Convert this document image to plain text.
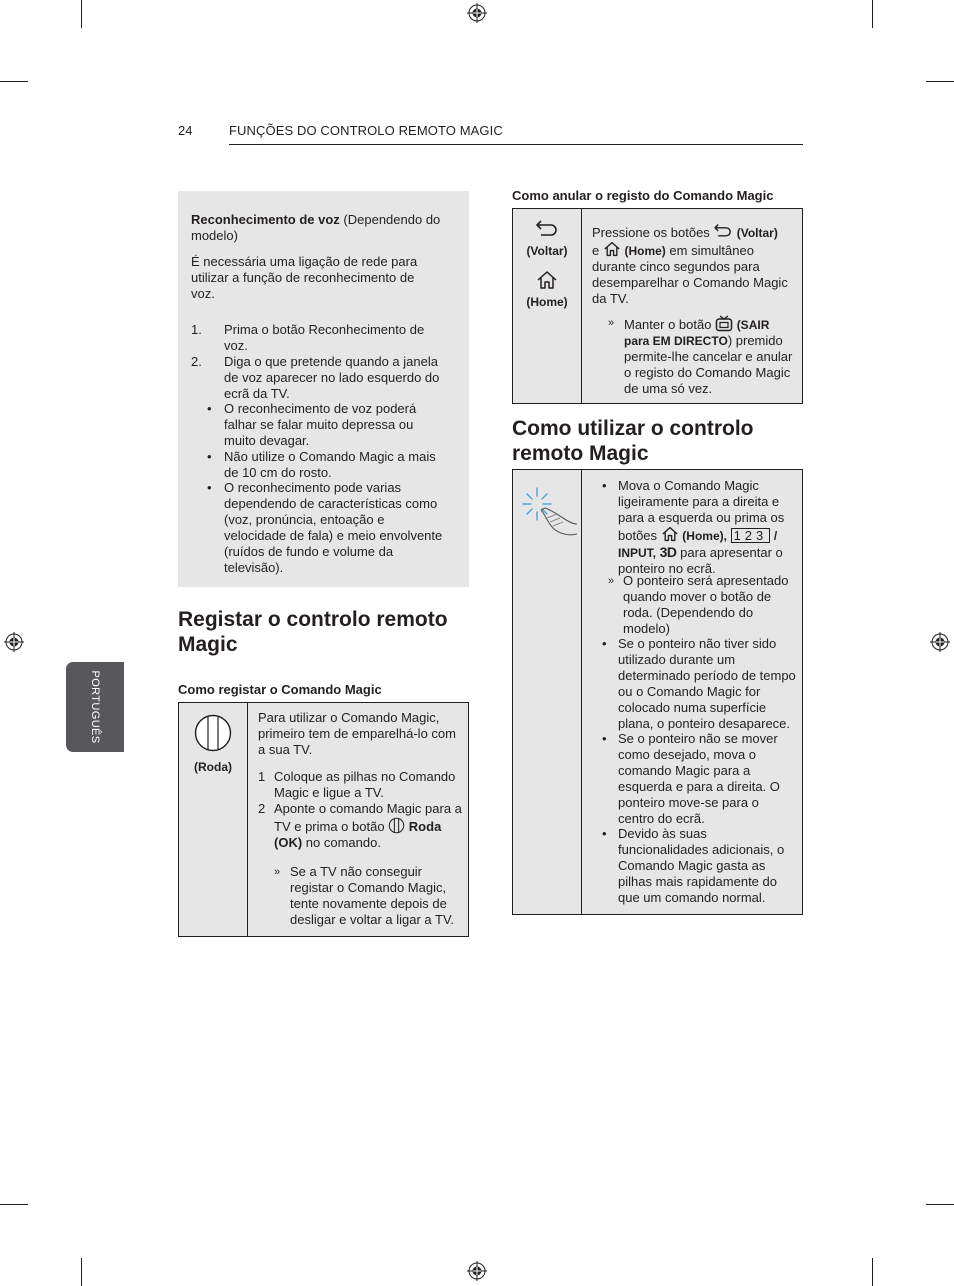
24	FUNÇÕES DO CONTROLO REMOTO MAGIC
PORTUGUÊS
Reconhecimento de voz (Dependendo do modelo)
É necessária uma ligação de rede para utilizar a função de reconhecimento de voz.
1. Prima o botão Reconhecimento de voz.
2. Diga o que pretende quando a janela de voz aparecer no lado esquerdo do ecrã da TV.
• O reconhecimento de voz poderá falhar se falar muito depressa ou muito devagar.
• Não utilize o Comando Magic a mais de 10 cm do rosto.
• O reconhecimento pode varias dependendo de características como (voz, pronúncia, entoação e velocidade de fala) e meio envolvente (ruídos de fundo e volume da televisão).
Registar o controlo remoto Magic
Como registar o Comando Magic
(Roda)

Para utilizar o Comando Magic, primeiro tem de emparelhá-lo com a sua TV.
1 Coloque as pilhas no Comando Magic e ligue a TV.
2 Aponte o comando Magic para a TV e prima o botão  Roda (OK) no comando.
» Se a TV não conseguir registar o Comando Magic, tente novamente depois de desligar e voltar a ligar a TV.
Como anular o registo do Comando Magic
(Voltar)
(Home)

Pressione os botões  (Voltar)
e  (Home) em simultâneo durante cinco segundos para desemparelhar o Comando Magic da TV.
» Manter o botão  (SAIR para EM DIRECTO) premido permite-lhe cancelar e anular o registo do Comando Magic de uma só vez.
Como utilizar o controlo remoto Magic

• Mova o Comando Magic ligeiramente para a direita e para a esquerda ou prima os botões  (Home), 123 /
INPUT, 3D para apresentar o ponteiro no ecrã.
» O ponteiro será apresentado quando mover o botão de roda. (Dependendo do modelo)
• Se o ponteiro não tiver sido utilizado durante um determinado período de tempo ou o Comando Magic for colocado numa superfície plana, o ponteiro desaparece.
• Se o ponteiro não se mover como desejado, mova o comando Magic para a esquerda e para a direita. O ponteiro move-se para o centro do ecrã.
• Devido às suas funcionalidades adicionais, o Comando Magic gasta as pilhas mais rapidamente do que um comando normal.
